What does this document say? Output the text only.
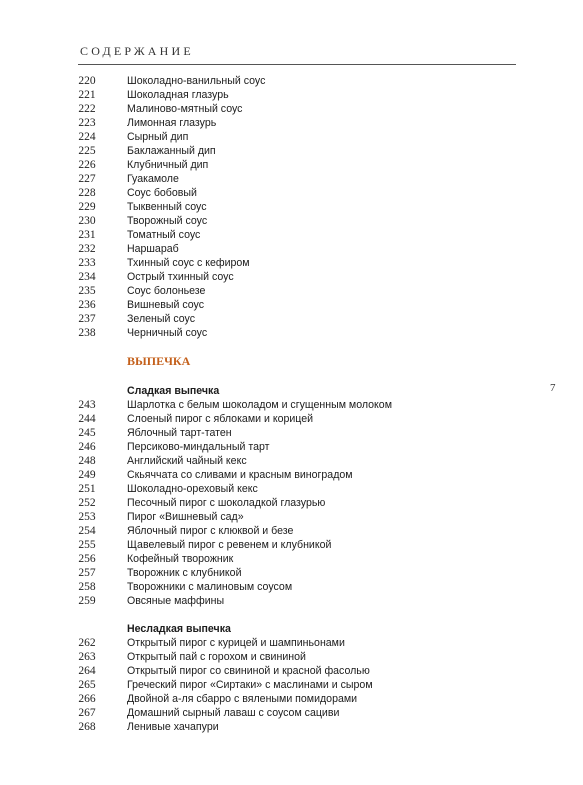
СОДЕРЖАНИЕ
7
220	Шоколадно-ванильный соус
221	Шоколадная глазурь
222	Малиново-мятный соус
223	Лимонная глазурь
224	Сырный дип
225	Баклажанный дип
226	Клубничный дип
227	Гуакамоле
228	Соус бобовый
229	Тыквенный соус
230	Творожный соус
231	Томатный соус
232	Наршараб
233	Тхинный соус с кефиром
234	Острый тхинный соус
235	Соус болоньезе
236	Вишневый соус
237	Зеленый соус
238	Черничный соус
ВЫПЕЧКА
Сладкая выпечка
243	Шарлотка с белым шоколадом и сгущенным молоком
244	Слоеный пирог с яблоками и корицей
245	Яблочный тарт-татен
246	Персиково-миндальный тарт
248	Английский чайный кекс
249	Скьяччата со сливами и красным виноградом
251	Шоколадно-ореховый кекс
252	Песочный пирог с шоколадкой глазурью
253	Пирог «Вишневый сад»
254	Яблочный пирог с клюквой и безе
255	Щавелевый пирог с ревенем и клубникой
256	Кофейный творожник
257	Творожник с клубникой
258	Творожники с малиновым соусом
259	Овсяные маффины
Несладкая выпечка
262	Открытый пирог с курицей и шампиньонами
263	Открытый пай с горохом и свининой
264	Открытый пирог со свининой и красной фасолью
265	Греческий пирог «Сиртаки» с маслинами и сыром
266	Двойной а-ля сбарро с вялеными помидорами
267	Домашний сырный лаваш с соусом сациви
268	Ленивые хачапури
